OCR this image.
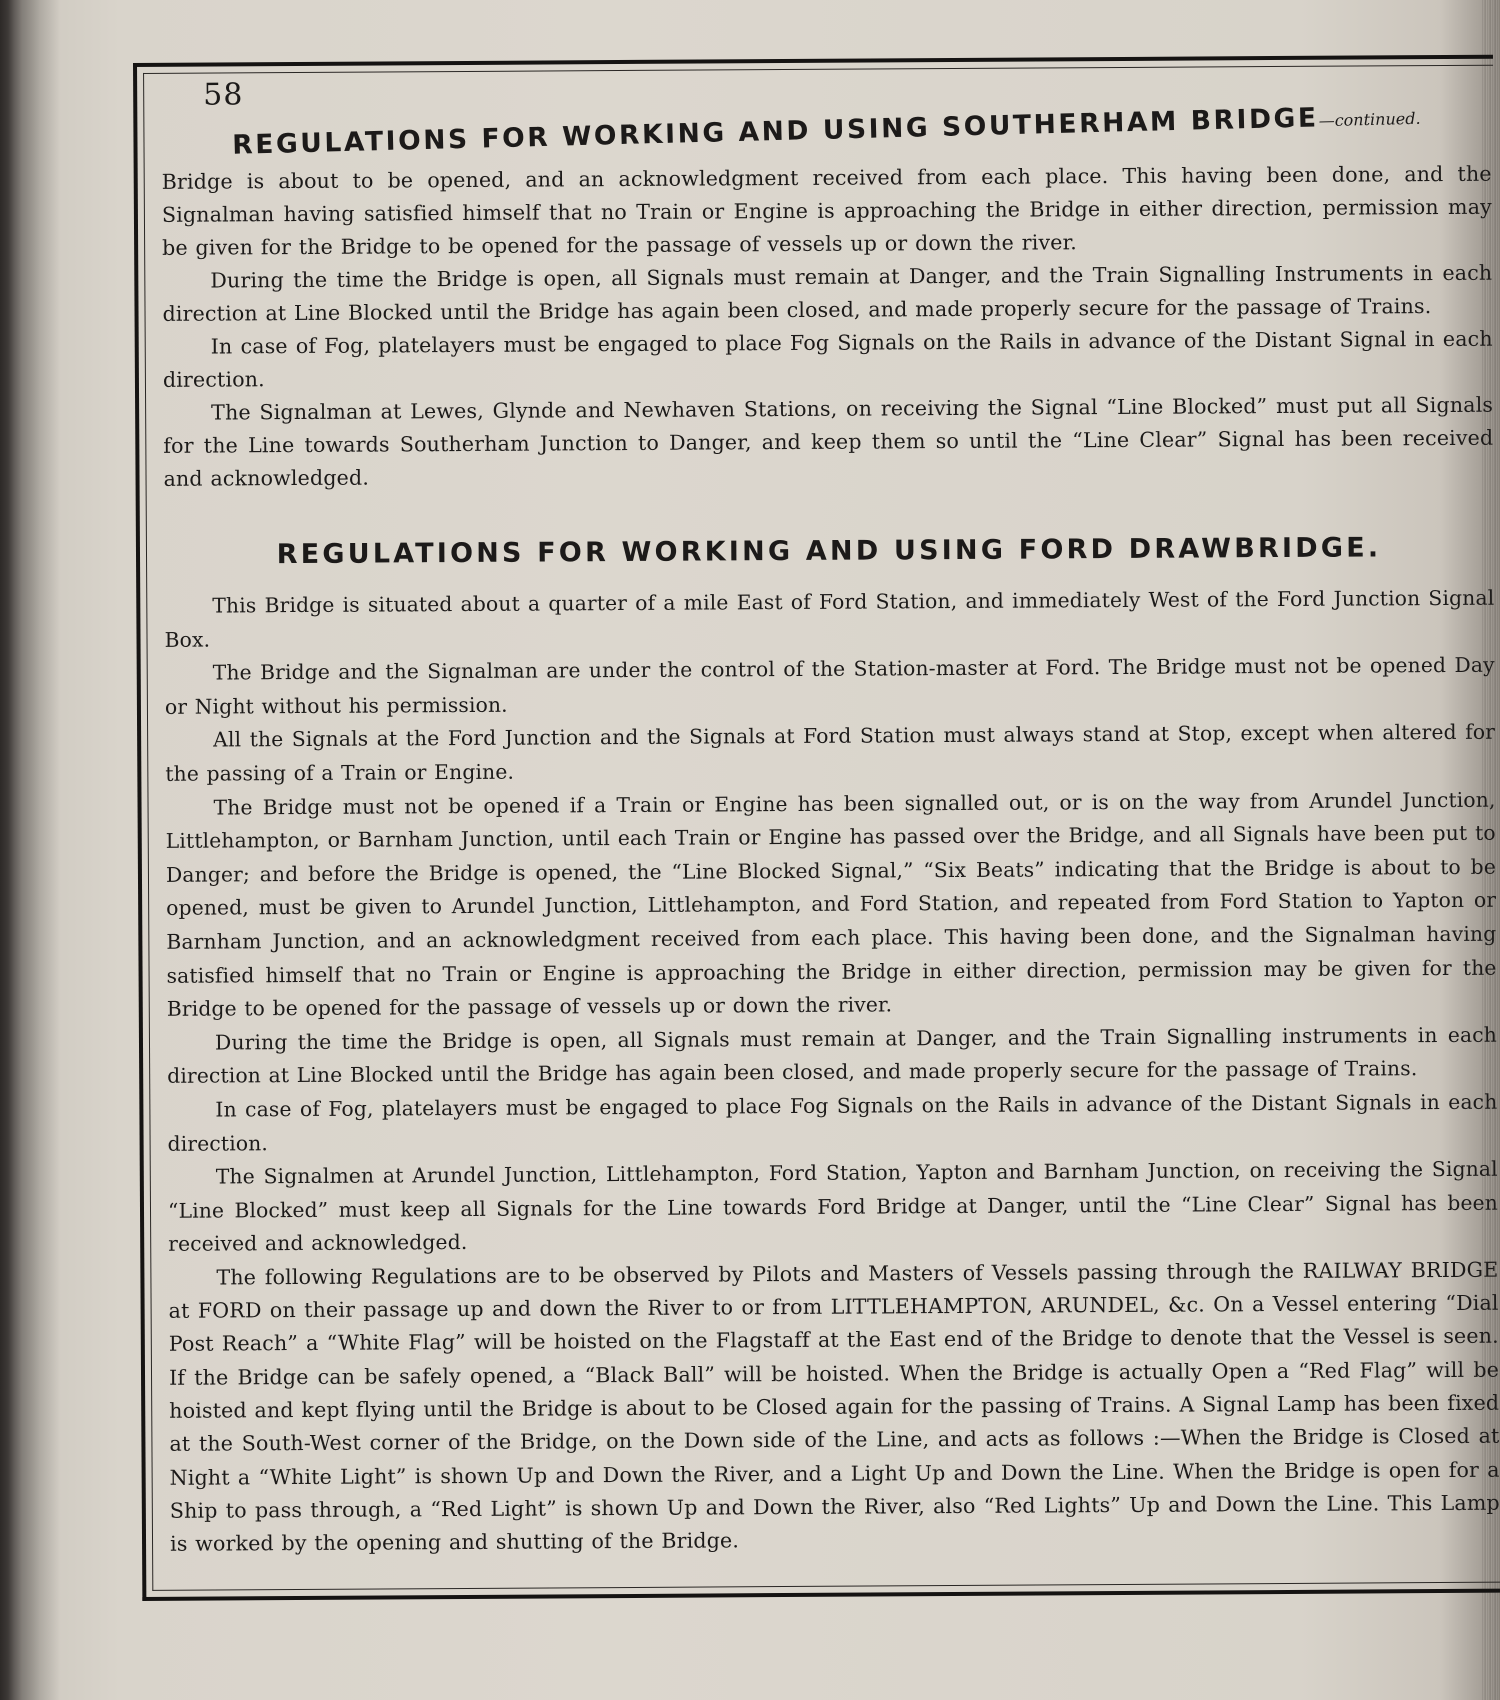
58
REGULATIONS FOR WORKING AND USING SOUTHERHAM BRIDGE—continued.

Bridge is about to be opened, and an acknowledgment received from each place. This having been done, and the Signalman having satisfied himself that no Train or Engine is approaching the Bridge in either direction, permission may be given for the Bridge to be opened for the passage of vessels up or down the river.

During the time the Bridge is open, all Signals must remain at Danger, and the Train Signalling Instruments in each direction at Line Blocked until the Bridge has again been closed, and made properly secure for the passage of Trains.

In case of Fog, platelayers must be engaged to place Fog Signals on the Rails in advance of the Distant Signal in each direction.

The Signalman at Lewes, Glynde and Newhaven Stations, on receiving the Signal “Line Blocked” must put all Signals for the Line towards Southerham Junction to Danger, and keep them so until the “Line Clear” Signal has been received and acknowledged.

REGULATIONS FOR WORKING AND USING FORD DRAWBRIDGE.

This Bridge is situated about a quarter of a mile East of Ford Station, and immediately West of the Ford Junction Signal Box.

The Bridge and the Signalman are under the control of the Station-master at Ford. The Bridge must not be opened Day or Night without his permission.

All the Signals at the Ford Junction and the Signals at Ford Station must always stand at Stop, except when altered for the passing of a Train or Engine.

The Bridge must not be opened if a Train or Engine has been signalled out, or is on the way from Arundel Junction, Littlehampton, or Barnham Junction, until each Train or Engine has passed over the Bridge, and all Signals have been put to Danger; and before the Bridge is opened, the “Line Blocked Signal,” “Six Beats” indicating that the Bridge is about to be opened, must be given to Arundel Junction, Littlehampton, and Ford Station, and repeated from Ford Station to Yapton or Barnham Junction, and an acknowledgment received from each place. This having been done, and the Signalman having satisfied himself that no Train or Engine is approaching the Bridge in either direction, permission may be given for the Bridge to be opened for the passage of vessels up or down the river.

During the time the Bridge is open, all Signals must remain at Danger, and the Train Signalling instruments in each direction at Line Blocked until the Bridge has again been closed, and made properly secure for the passage of Trains.

In case of Fog, platelayers must be engaged to place Fog Signals on the Rails in advance of the Distant Signals in each direction.

The Signalmen at Arundel Junction, Littlehampton, Ford Station, Yapton and Barnham Junction, on receiving the Signal “Line Blocked” must keep all Signals for the Line towards Ford Bridge at Danger, until the “Line Clear” Signal has been received and acknowledged.

The following Regulations are to be observed by Pilots and Masters of Vessels passing through the RAILWAY BRIDGE at FORD on their passage up and down the River to or from LITTLEHAMPTON, ARUNDEL, &c. On a Vessel entering “Dial Post Reach” a “White Flag” will be hoisted on the Flagstaff at the East end of the Bridge to denote that the Vessel is seen. If the Bridge can be safely opened, a “Black Ball” will be hoisted. When the Bridge is actually Open a “Red Flag” will be hoisted and kept flying until the Bridge is about to be Closed again for the passing of Trains. A Signal Lamp has been fixed at the South-West corner of the Bridge, on the Down side of the Line, and acts as follows :—When the Bridge is Closed at Night a “White Light” is shown Up and Down the River, and a Light Up and Down the Line. When the Bridge is open for a Ship to pass through, a “Red Light” is shown Up and Down the River, also “Red Lights” Up and Down the Line. This Lamp is worked by the opening and shutting of the Bridge.
